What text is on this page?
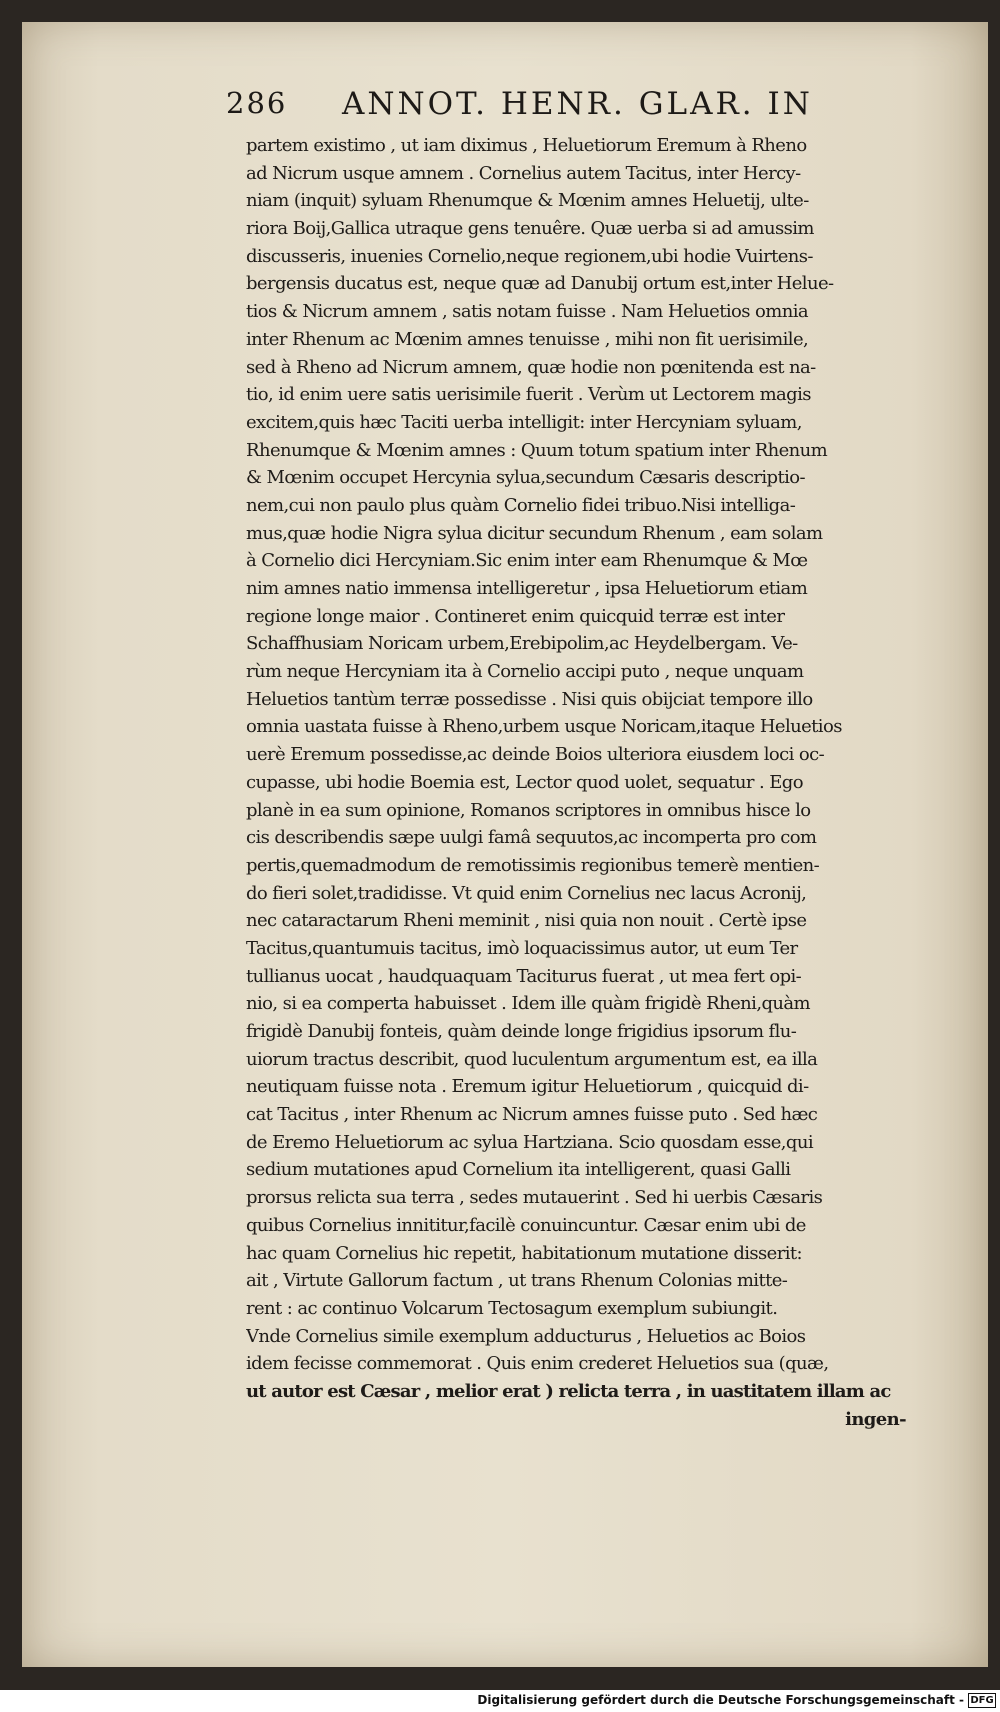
286 ANNOT. HENR. GLAR. IN
partem existimo , ut iam diximus , Heluetiorum Eremum à Rheno
ad Nicrum usque amnem . Cornelius autem Tacitus, inter Hercy-
niam (inquit) syluam Rhenumque & Mœnim amnes Heluetij, ulte-
riora Boij,Gallica utraque gens tenuêre. Quæ uerba si ad amussim
discusseris, inuenies Cornelio,neque regionem,ubi hodie Vuirtens-
bergensis ducatus est, neque quæ ad Danubij ortum est,inter Helue-
tios & Nicrum amnem , satis notam fuisse . Nam Heluetios omnia
inter Rhenum ac Mœnim amnes tenuisse , mihi non fit uerisimile,
sed à Rheno ad Nicrum amnem, quæ hodie non pœnitenda est na-
tio, id enim uere satis uerisimile fuerit . Verùm ut Lectorem magis
excitem,quis hæc Taciti uerba intelligit: inter Hercyniam syluam,
Rhenumque & Mœnim amnes : Quum totum spatium inter Rhenum
& Mœnim occupet Hercynia sylua,secundum Cæsaris descriptio-
nem,cui non paulo plus quàm Cornelio fidei tribuo.Nisi intelliga-
mus,quæ hodie Nigra sylua dicitur secundum Rhenum , eam solam
à Cornelio dici Hercyniam.Sic enim inter eam Rhenumque & Mœ
nim amnes natio immensa intelligeretur , ipsa Heluetiorum etiam
regione longe maior . Contineret enim quicquid terræ est inter
Schaffhusiam Noricam urbem,Erebipolim,ac Heydelbergam. Ve-
rùm neque Hercyniam ita à Cornelio accipi puto , neque unquam
Heluetios tantùm terræ possedisse . Nisi quis obijciat tempore illo
omnia uastata fuisse à Rheno,urbem usque Noricam,itaque Heluetios
uerè Eremum possedisse,ac deinde Boios ulteriora eiusdem loci oc-
cupasse, ubi hodie Boemia est, Lector quod uolet, sequatur . Ego
planè in ea sum opinione, Romanos scriptores in omnibus hisce lo
cis describendis sæpe uulgi famâ sequutos,ac incomperta pro com
pertis,quemadmodum de remotissimis regionibus temerè mentien-
do fieri solet,tradidisse. Vt quid enim Cornelius nec lacus Acronij,
nec cataractarum Rheni meminit , nisi quia non nouit . Certè ipse
Tacitus,quantumuis tacitus, imò loquacissimus autor, ut eum Ter
tullianus uocat , haudquaquam Taciturus fuerat , ut mea fert opi-
nio, si ea comperta habuisset . Idem ille quàm frigidè Rheni,quàm
frigidè Danubij fonteis, quàm deinde longe frigidius ipsorum flu-
uiorum tractus describit, quod luculentum argumentum est, ea illa
neutiquam fuisse nota . Eremum igitur Heluetiorum , quicquid di-
cat Tacitus , inter Rhenum ac Nicrum amnes fuisse puto . Sed hæc
de Eremo Heluetiorum ac sylua Hartziana. Scio quosdam esse,qui
sedium mutationes apud Cornelium ita intelligerent, quasi Galli
prorsus relicta sua terra , sedes mutauerint . Sed hi uerbis Cæsaris
quibus Cornelius innititur,facilè conuincuntur. Cæsar enim ubi de
hac quam Cornelius hic repetit, habitationum mutatione disserit:
ait , Virtute Gallorum factum , ut trans Rhenum Colonias mitte-
rent : ac continuo Volcarum Tectosagum exemplum subiungit.
Vnde Cornelius simile exemplum adducturus , Heluetios ac Boios
idem fecisse commemorat . Quis enim crederet Heluetios sua (quæ,
ut autor est Cæsar , melior erat ) relicta terra , in uastitatem illam ac
ingen-
Digitalisierung gefördert durch die Deutsche Forschungsgemeinschaft - DFG
